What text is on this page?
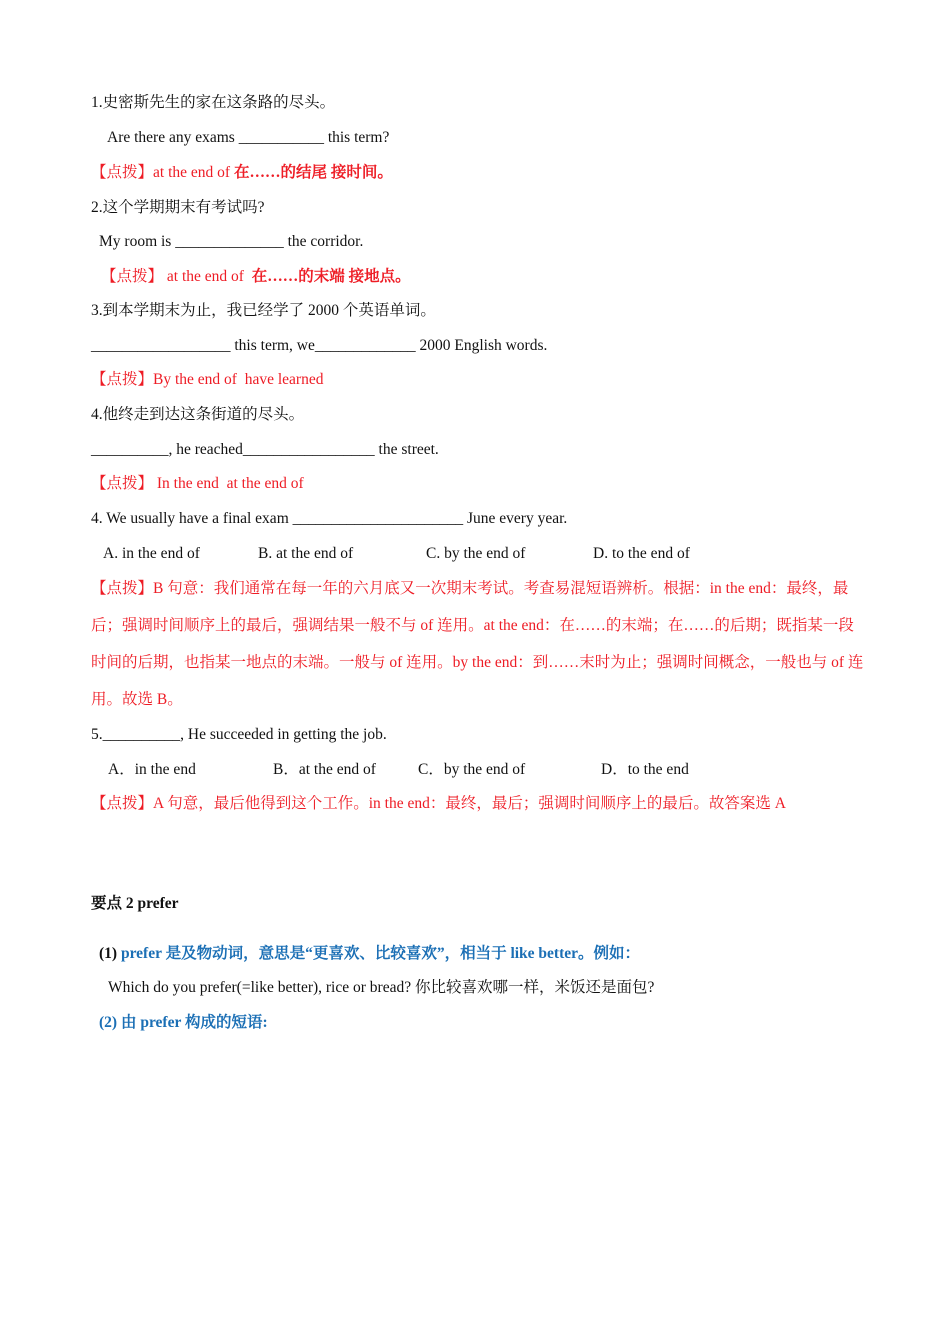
1.史密斯先生的家在这条路的尽头。
Are there any exams ___________ this term?
【点拨】at the end of 在……的结尾 接时间。
2.这个学期期末有考试吗?
My room is ______________ the corridor.
【点拨】 at the end of  在……的末端 接地点。
3.到本学期末为止，我已经学了 2000 个英语单词。
__________________ this term, we_____________ 2000 English words.
【点拨】By the end of  have learned
4.他终走到达这条街道的尽头。
__________, he reached_________________ the street.
【点拨】 In the end  at the end of
4. We usually have a final exam ______________________ June every year.
A. in the end of	B. at the end of	C. by the end of	D. to the end of
【点拨】B 句意：我们通常在每一年的六月底又一次期末考试。考查易混短语辨析。根据：in the end：最终，最后；强调时间顺序上的最后，强调结果一般不与 of 连用。at the end：在……的末端；在……的后期；既指某一段时间的后期，也指某一地点的末端。一般与 of 连用。by the end：到……末时为止；强调时间概念，一般也与 of 连用。故选 B。
5.__________, He succeeded in getting the job.
A．in the end	B．at the end of	C．by the end of	D．to the end
【点拨】A 句意，最后他得到这个工作。in the end：最终，最后；强调时间顺序上的最后。故答案选 A
要点 2 prefer
(1) prefer 是及物动词，意思是“更喜欢、比较喜欢”，相当于 like better。例如：
Which do you prefer(=like better), rice or bread? 你比较喜欢哪一样，米饭还是面包?
(2) 由 prefer 构成的短语:
